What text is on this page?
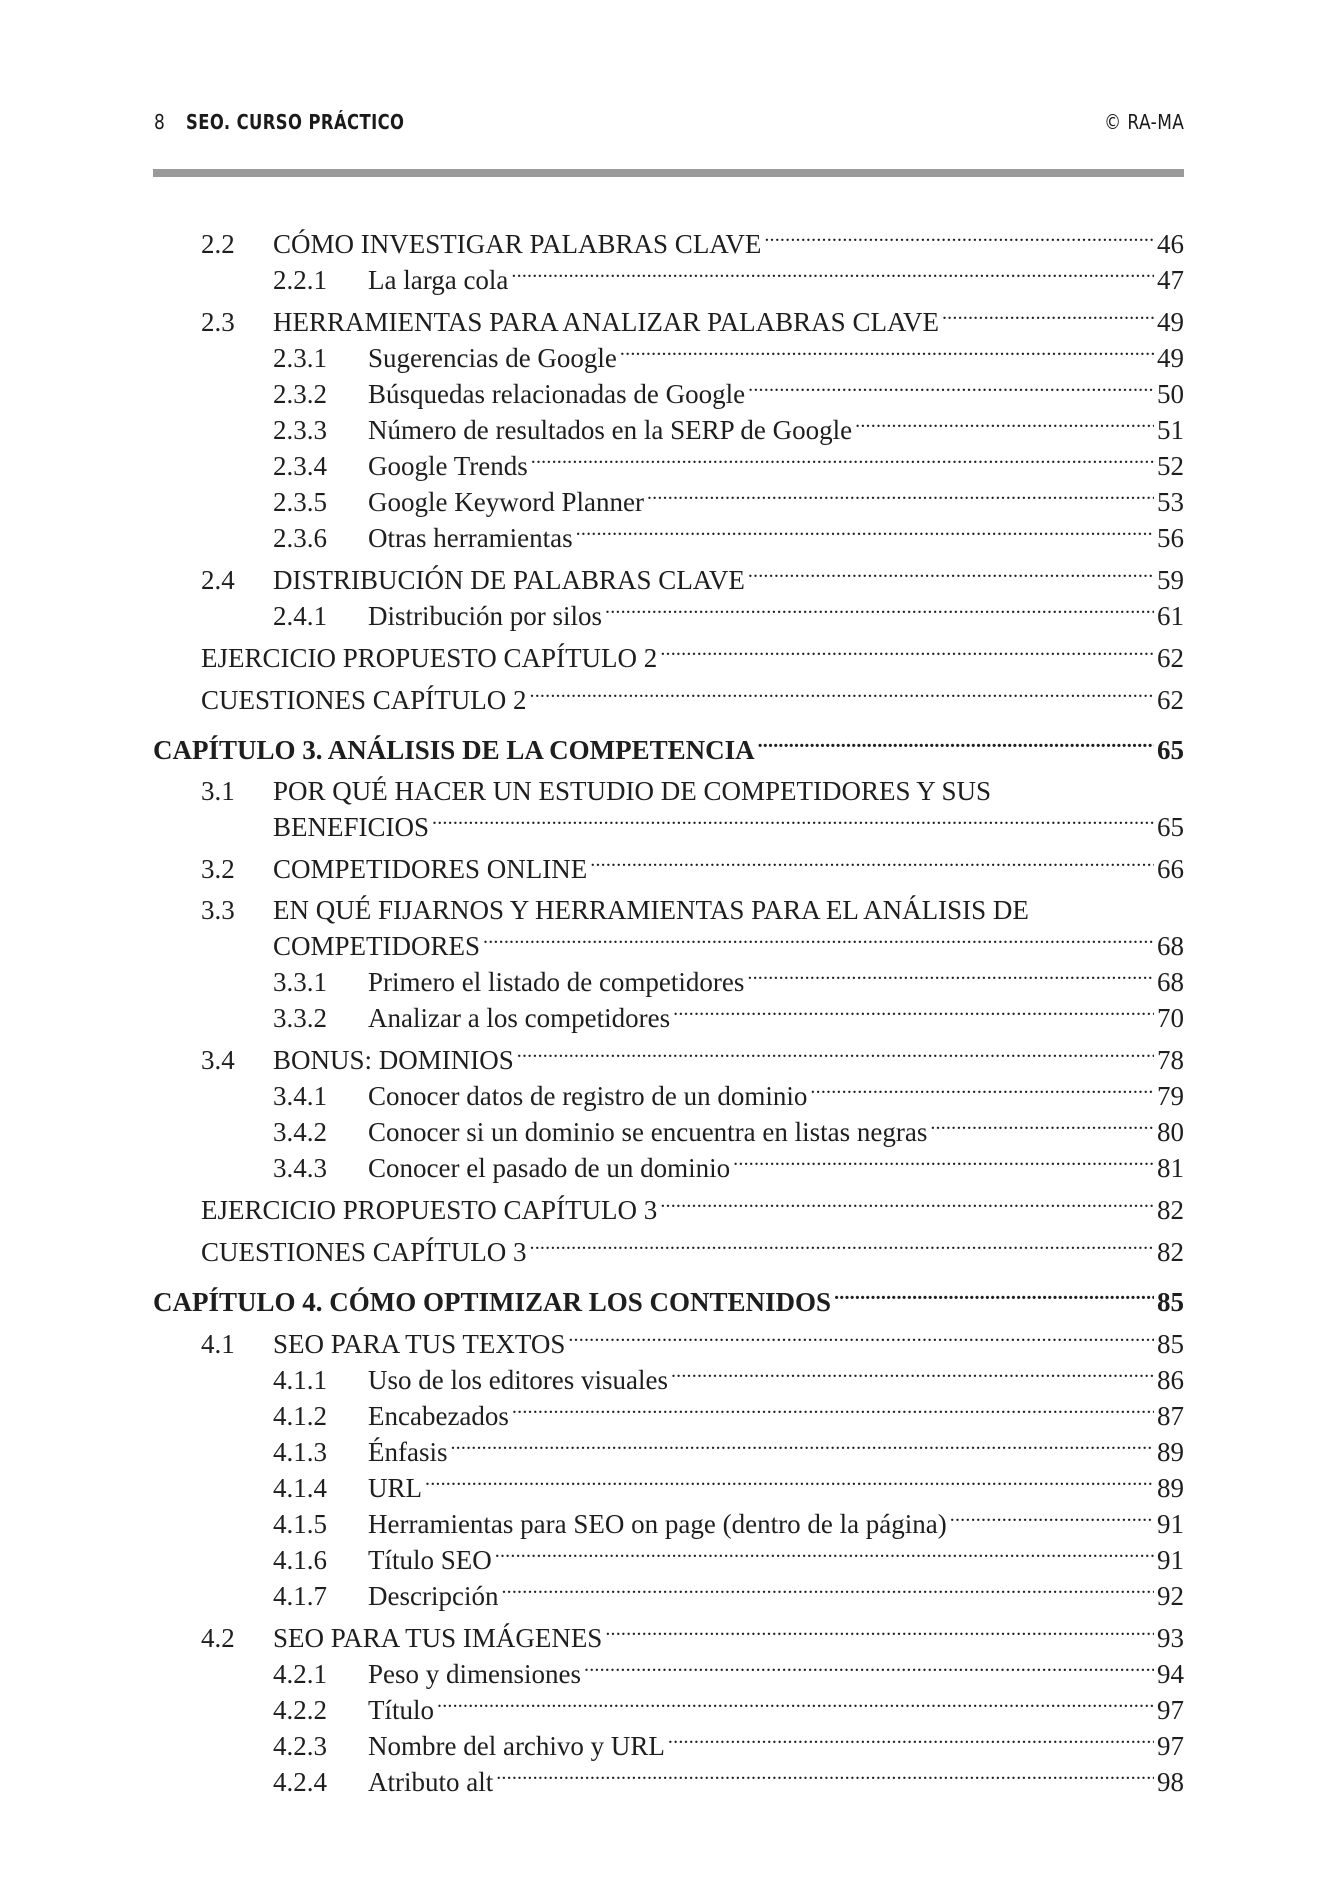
8 SEO. CURSO PRÁCTICO	© RA-MA
2.2	CÓMO INVESTIGAR PALABRAS CLAVE . . .	46
2.2.1	La larga cola . . .	47
2.3	HERRAMIENTAS PARA ANALIZAR PALABRAS CLAVE . . .	49
2.3.1	Sugerencias de Google . . .	49
2.3.2	Búsquedas relacionadas de Google . . .	50
2.3.3	Número de resultados en la SERP de Google . . .	51
2.3.4	Google Trends . . .	52
2.3.5	Google Keyword Planner . . .	53
2.3.6	Otras herramientas . . .	56
2.4	DISTRIBUCIÓN DE PALABRAS CLAVE . . .	59
2.4.1	Distribución por silos . . .	61
EJERCICIO PROPUESTO CAPÍTULO 2 . . .	62
CUESTIONES CAPÍTULO 2 . . .	62
CAPÍTULO 3. ANÁLISIS DE LA COMPETENCIA . . .	65
3.1	POR QUÉ HACER UN ESTUDIO DE COMPETIDORES Y SUS
BENEFICIOS . . .	65
3.2	COMPETIDORES ONLINE . . .	66
3.3	EN QUÉ FIJARNOS Y HERRAMIENTAS PARA EL ANÁLISIS DE
COMPETIDORES . . .	68
3.3.1	Primero el listado de competidores . . .	68
3.3.2	Analizar a los competidores . . .	70
3.4	BONUS: DOMINIOS . . .	78
3.4.1	Conocer datos de registro de un dominio . . .	79
3.4.2	Conocer si un dominio se encuentra en listas negras . . .	80
3.4.3	Conocer el pasado de un dominio . . .	81
EJERCICIO PROPUESTO CAPÍTULO 3 . . .	82
CUESTIONES CAPÍTULO 3 . . .	82
CAPÍTULO 4. CÓMO OPTIMIZAR LOS CONTENIDOS . . .	85
4.1	SEO PARA TUS TEXTOS . . .	85
4.1.1	Uso de los editores visuales . . .	86
4.1.2	Encabezados . . .	87
4.1.3	Énfasis . . .	89
4.1.4	URL . . .	89
4.1.5	Herramientas para SEO on page (dentro de la página) . . .	91
4.1.6	Título SEO . . .	91
4.1.7	Descripción . . .	92
4.2	SEO PARA TUS IMÁGENES . . .	93
4.2.1	Peso y dimensiones . . .	94
4.2.2	Título . . .	97
4.2.3	Nombre del archivo y URL . . .	97
4.2.4	Atributo alt . . .	98
